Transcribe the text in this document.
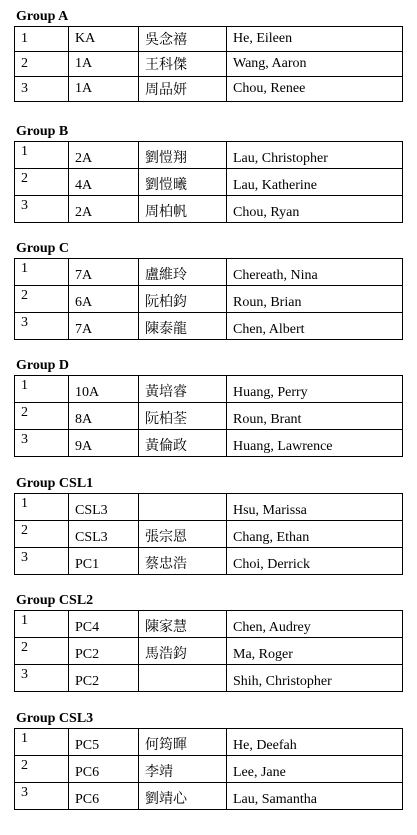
Group A
1	KA	吳念禧	He, Eileen
2	1A	王科傑	Wang, Aaron
3	1A	周品妍	Chou, Renee
Group B
1	2A	劉愷翔	Lau, Christopher
2	4A	劉愷曦	Lau, Katherine
3	2A	周柏帆	Chou, Ryan
Group C
1	7A	盧維玲	Chereath, Nina
2	6A	阮柏鈞	Roun, Brian
3	7A	陳泰龍	Chen, Albert
Group D
1	10A	黃培睿	Huang, Perry
2	8A	阮柏荃	Roun, Brant
3	9A	黃倫政	Huang, Lawrence
Group CSL1
1	CSL3		Hsu, Marissa
2	CSL3	張宗恩	Chang, Ethan
3	PC1	蔡忠浩	Choi, Derrick
Group CSL2
1	PC4	陳家慧	Chen, Audrey
2	PC2	馬浩鈞	Ma, Roger
3	PC2		Shih, Christopher
Group CSL3
1	PC5	何筠暉	He, Deefah
2	PC6	李靖	Lee, Jane
3	PC6	劉靖心	Lau, Samantha
